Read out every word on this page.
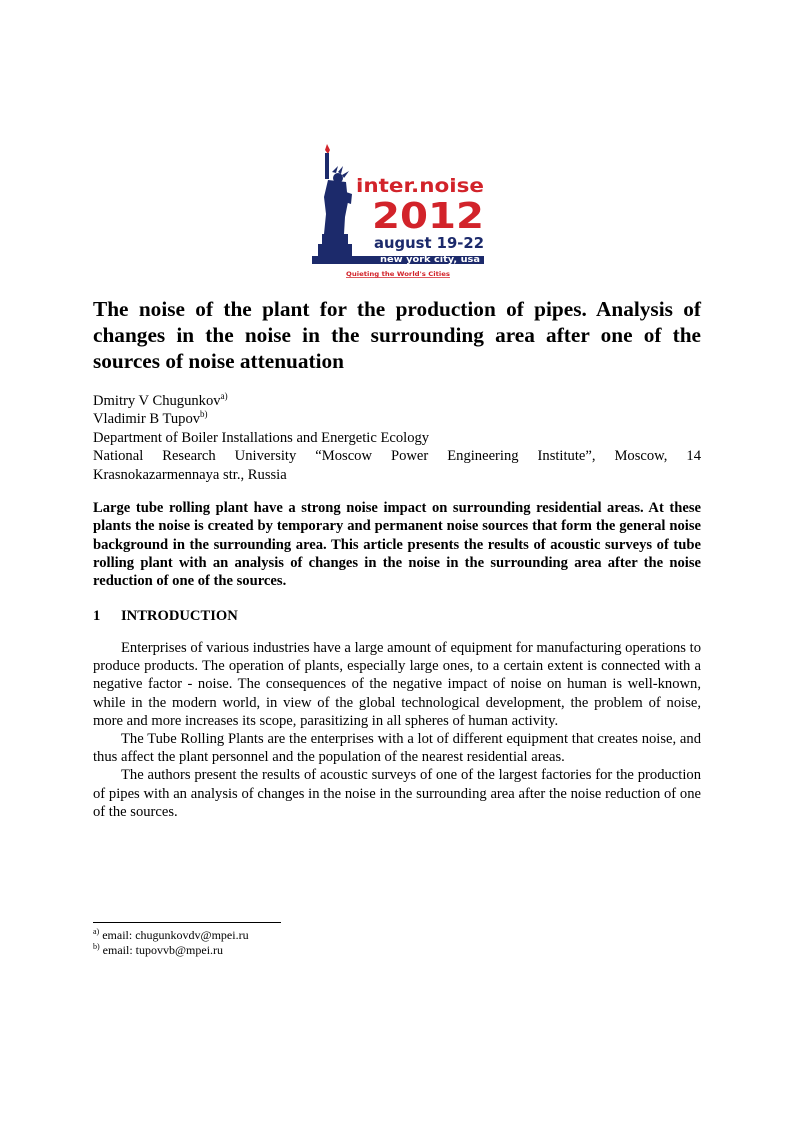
inter.noise
2012
august 19-22
new york city, usa
Quieting the World's Cities
The noise of the plant for the production of pipes. Analysis of changes in the noise in the surrounding area after one of the sources of noise attenuation
Dmitry V Chugunkov$^{a)}$
Vladimir B Tupov$^{b)}$
Department of Boiler Installations and Energetic Ecology
National Research University “Moscow Power Engineering Institute”, Moscow, 14 Krasnokazarmennaya str., Russia

Large tube rolling plant have a strong noise impact on surrounding residential areas. At these plants the noise is created by temporary and permanent noise sources that form the general noise background in the surrounding area. This article presents the results of acoustic surveys of tube rolling plant with an analysis of changes in the noise in the surrounding area after the noise reduction of one of the sources.

1 INTRODUCTION

Enterprises of various industries have a large amount of equipment for manufacturing operations to produce products. The operation of plants, especially large ones, to a certain extent is connected with a negative factor - noise. The consequences of the negative impact of noise on human is well-known, while in the modern world, in view of the global technological development, the problem of noise, more and more increases its scope, parasitizing in all spheres of human activity.

The Tube Rolling Plants are the enterprises with a lot of different equipment that creates noise, and thus affect the plant personnel and the population of the nearest residential areas.

The authors present the results of acoustic surveys of one of the largest factories for the production of pipes with an analysis of changes in the noise in the surrounding area after the noise reduction of one of the sources.

$^{a)}$ email: chugunkovdv@mpei.ru
$^{b)}$ email: tupovvb@mpei.ru
